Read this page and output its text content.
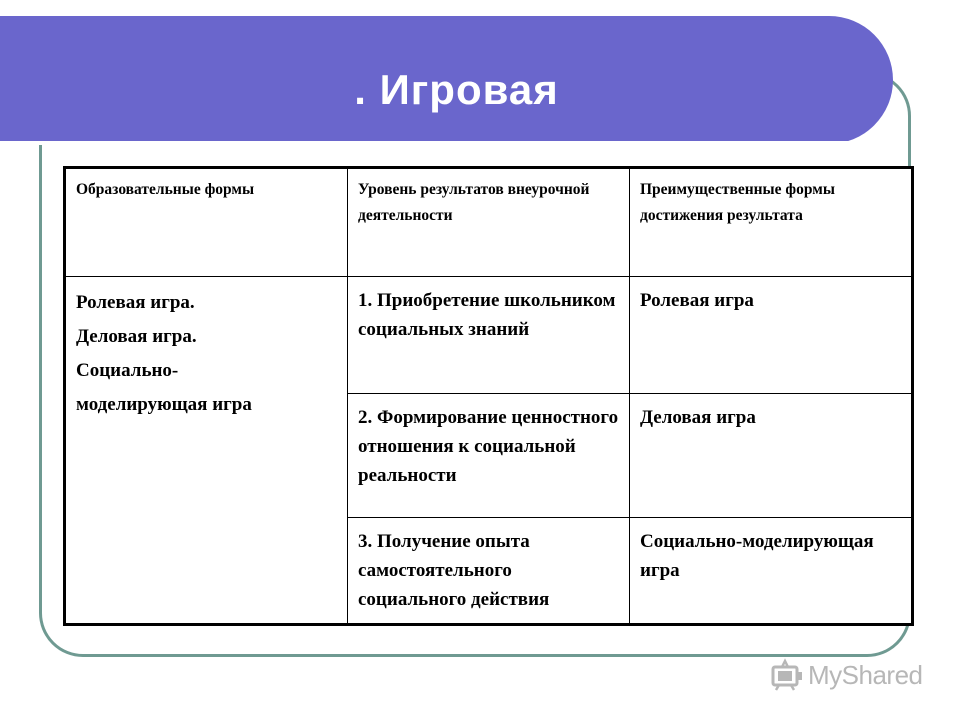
. Игровая
Образовательные формы	Уровень результатов внеурочной деятельности	Преимущественные формы достижения результата

Ролевая игра.
Деловая игра.
Социально-
моделирующая игра	1. Приобретение школьником социальных знаний	Ролевая игра
	2. Формирование ценностного отношения к социальной реальности	Деловая игра
	3. Получение опыта самостоятельного социального действия	Социально-моделирующая игра
MyShared
